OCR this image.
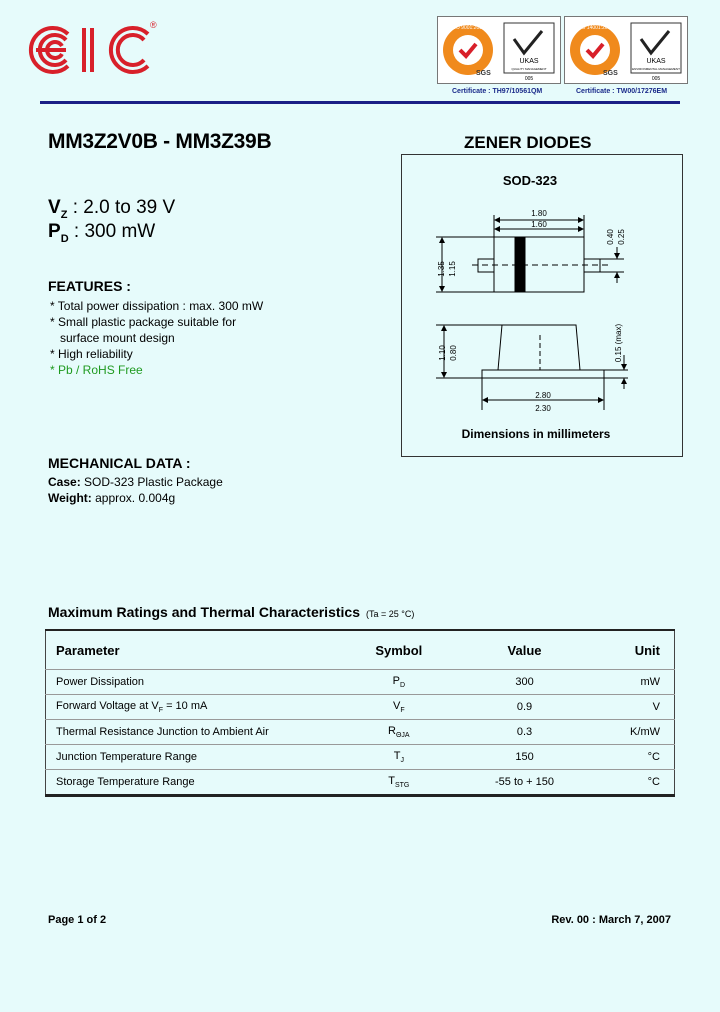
®	ISO 9001:2000
SGS
UKAS
QUALITY MANAGEMENT
005
ISO 14001:2004
SGS
UKAS
ENVIRONMENTAL MANAGEMENT
005
Certificate : TH97/10561QM	Certificate : TW00/17276EM
MM3Z2V0B - MM3Z39B	ZENER DIODES
$V_Z$ : 2.0 to 39 V
$P_D$ : 300 mW
FEATURES :
* Total power dissipation : max. 300 mW
* Small plastic package suitable for
surface mount design
* High reliability
* Pb / RoHS Free
MECHANICAL DATA :
Case: SOD-323 Plastic Package
Weight: approx. 0.004g
SOD-323
1.80
1.60
0.40 0.25
1.35 1.15
1.10 0.80	0.15 (max)
2.80
2.30
Dimensions in millimeters
Maximum Ratings and Thermal Characteristics (Ta = 25 °C)
Parameter	Symbol	Value	Unit
Power Dissipation	$P_D$	300	mW
Forward Voltage at $V_F = 10$ mA	$V_F$	0.9	V
Thermal Resistance Junction to Ambient Air	$R_{\Theta JA}$	0.3	K/mW
Junction Temperature Range	$T_J$	150	°C
Storage Temperature Range	$T_{STG}$	-55 to + 150	°C
Page 1 of 2	Rev. 00 : March 7, 2007
